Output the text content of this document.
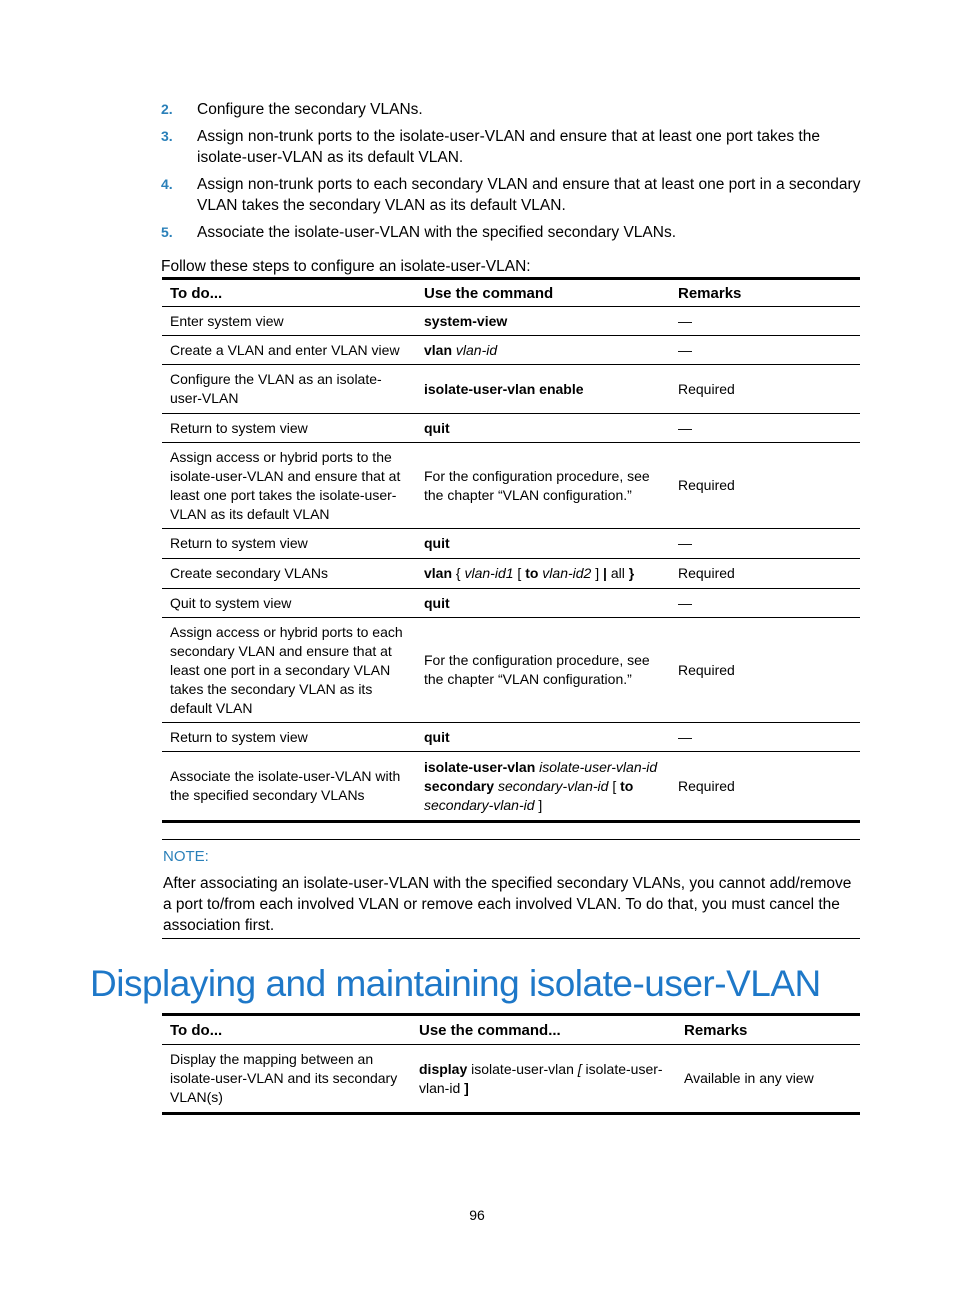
2.	Configure the secondary VLANs.
3.	Assign non-trunk ports to the isolate-user-VLAN and ensure that at least one port takes the isolate-user-VLAN as its default VLAN.
4.	Assign non-trunk ports to each secondary VLAN and ensure that at least one port in a secondary VLAN takes the secondary VLAN as its default VLAN.
5.	Associate the isolate-user-VLAN with the specified secondary VLANs.

Follow these steps to configure an isolate-user-VLAN:

To do...	Use the command	Remarks
Enter system view	system-view	—
Create a VLAN and enter VLAN view	vlan vlan-id	—
Configure the VLAN as an isolate-user-VLAN	isolate-user-vlan enable	Required
Return to system view	quit	—
Assign access or hybrid ports to the isolate-user-VLAN and ensure that at least one port takes the isolate-user-VLAN as its default VLAN	For the configuration procedure, see the chapter “VLAN configuration.”	Required
Return to system view	quit	—
Create secondary VLANs	vlan { vlan-id1 [ to vlan-id2 ] | all }	Required
Quit to system view	quit	—
Assign access or hybrid ports to each secondary VLAN and ensure that at least one port in a secondary VLAN takes the secondary VLAN as its default VLAN	For the configuration procedure, see the chapter “VLAN configuration.”	Required
Return to system view	quit	—
Associate the isolate-user-VLAN with the specified secondary VLANs	isolate-user-vlan isolate-user-vlan-id secondary secondary-vlan-id [ to secondary-vlan-id ]	Required
NOTE:
After associating an isolate-user-VLAN with the specified secondary VLANs, you cannot add/remove a port to/from each involved VLAN or remove each involved VLAN. To do that, you must cancel the association first.
Displaying and maintaining isolate-user-VLAN
To do...	Use the command...	Remarks
Display the mapping between an isolate-user-VLAN and its secondary VLAN(s)	display isolate-user-vlan [ isolate-user-vlan-id ]	Available in any view
96
